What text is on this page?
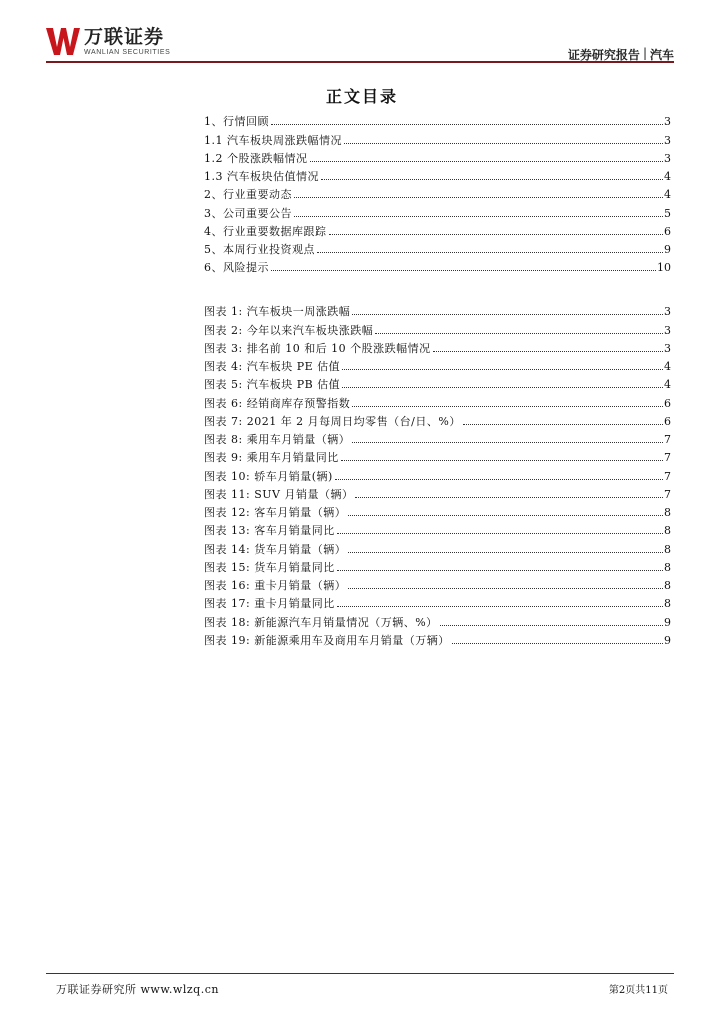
万联证券
WANLIAN SECURITIES	证券研究报告 | 汽车
正文目录
1、行情回顾	3
1.1 汽车板块周涨跌幅情况	3
1.2 个股涨跌幅情况	3
1.3 汽车板块估值情况	4
2、行业重要动态	4
3、公司重要公告	5
4、行业重要数据库跟踪	6
5、本周行业投资观点	9
6、风险提示	10
图表 1: 汽车板块一周涨跌幅	3
图表 2: 今年以来汽车板块涨跌幅	3
图表 3: 排名前 10 和后 10 个股涨跌幅情况	3
图表 4: 汽车板块 PE 估值	4
图表 5: 汽车板块 PB 估值	4
图表 6: 经销商库存预警指数	6
图表 7: 2021 年 2 月每周日均零售（台/日、%）	6
图表 8: 乘用车月销量（辆）	7
图表 9: 乘用车月销量同比	7
图表 10: 轿车月销量(辆)	7
图表 11: SUV 月销量（辆）	7
图表 12: 客车月销量（辆）	8
图表 13: 客车月销量同比	8
图表 14: 货车月销量（辆）	8
图表 15: 货车月销量同比	8
图表 16: 重卡月销量（辆）	8
图表 17: 重卡月销量同比	8
图表 18: 新能源汽车月销量情况（万辆、%）	9
图表 19: 新能源乘用车及商用车月销量（万辆）	9
万联证券研究所 www.wlzq.cn	第2页共11页
